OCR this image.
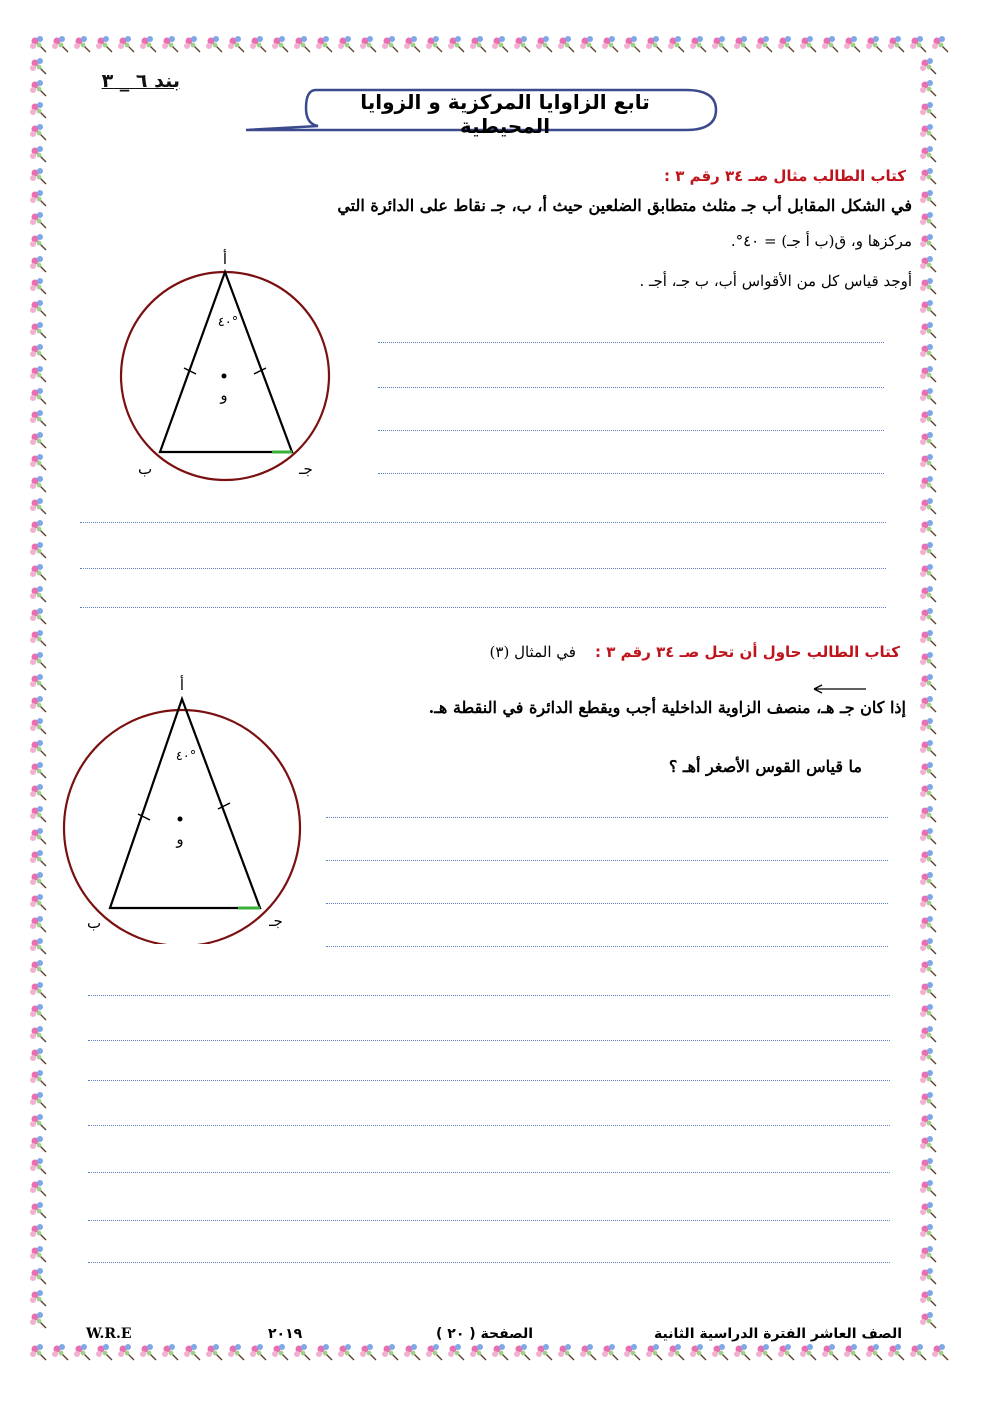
بند ٦ _ ٣
تابع الزاوايا المركزية و الزوايا المحيطية
كتاب الطالب مثال صـ ٣٤ رقم ٣ :
في الشكل المقابل أب جـ مثلث متطابق الضلعين حيث أ، ب، جـ نقاط على الدائرة التي
مركزها و، ق(ب أ جـ) = ٤٠°.
أوجد قياس كل من الأقواس أب، ب جـ، أجـ .
أ
ب	جـ
و
٤٠°
كتاب الطالب حاول أن تحل صـ ٣٤ رقم ٣ : في المثال (٣)
إذا كان جـ هـ، منصف الزاوية الداخلية أجب ويقطع الدائرة في النقطة هـ.
ما قياس القوس الأصغر أهـ ؟
أ
ب	جـ
و
٤٠°
الصف العاشر الفترة الدراسية الثانية
الصفحة ( ٢٠ )
٢٠١٩
W.R.E
